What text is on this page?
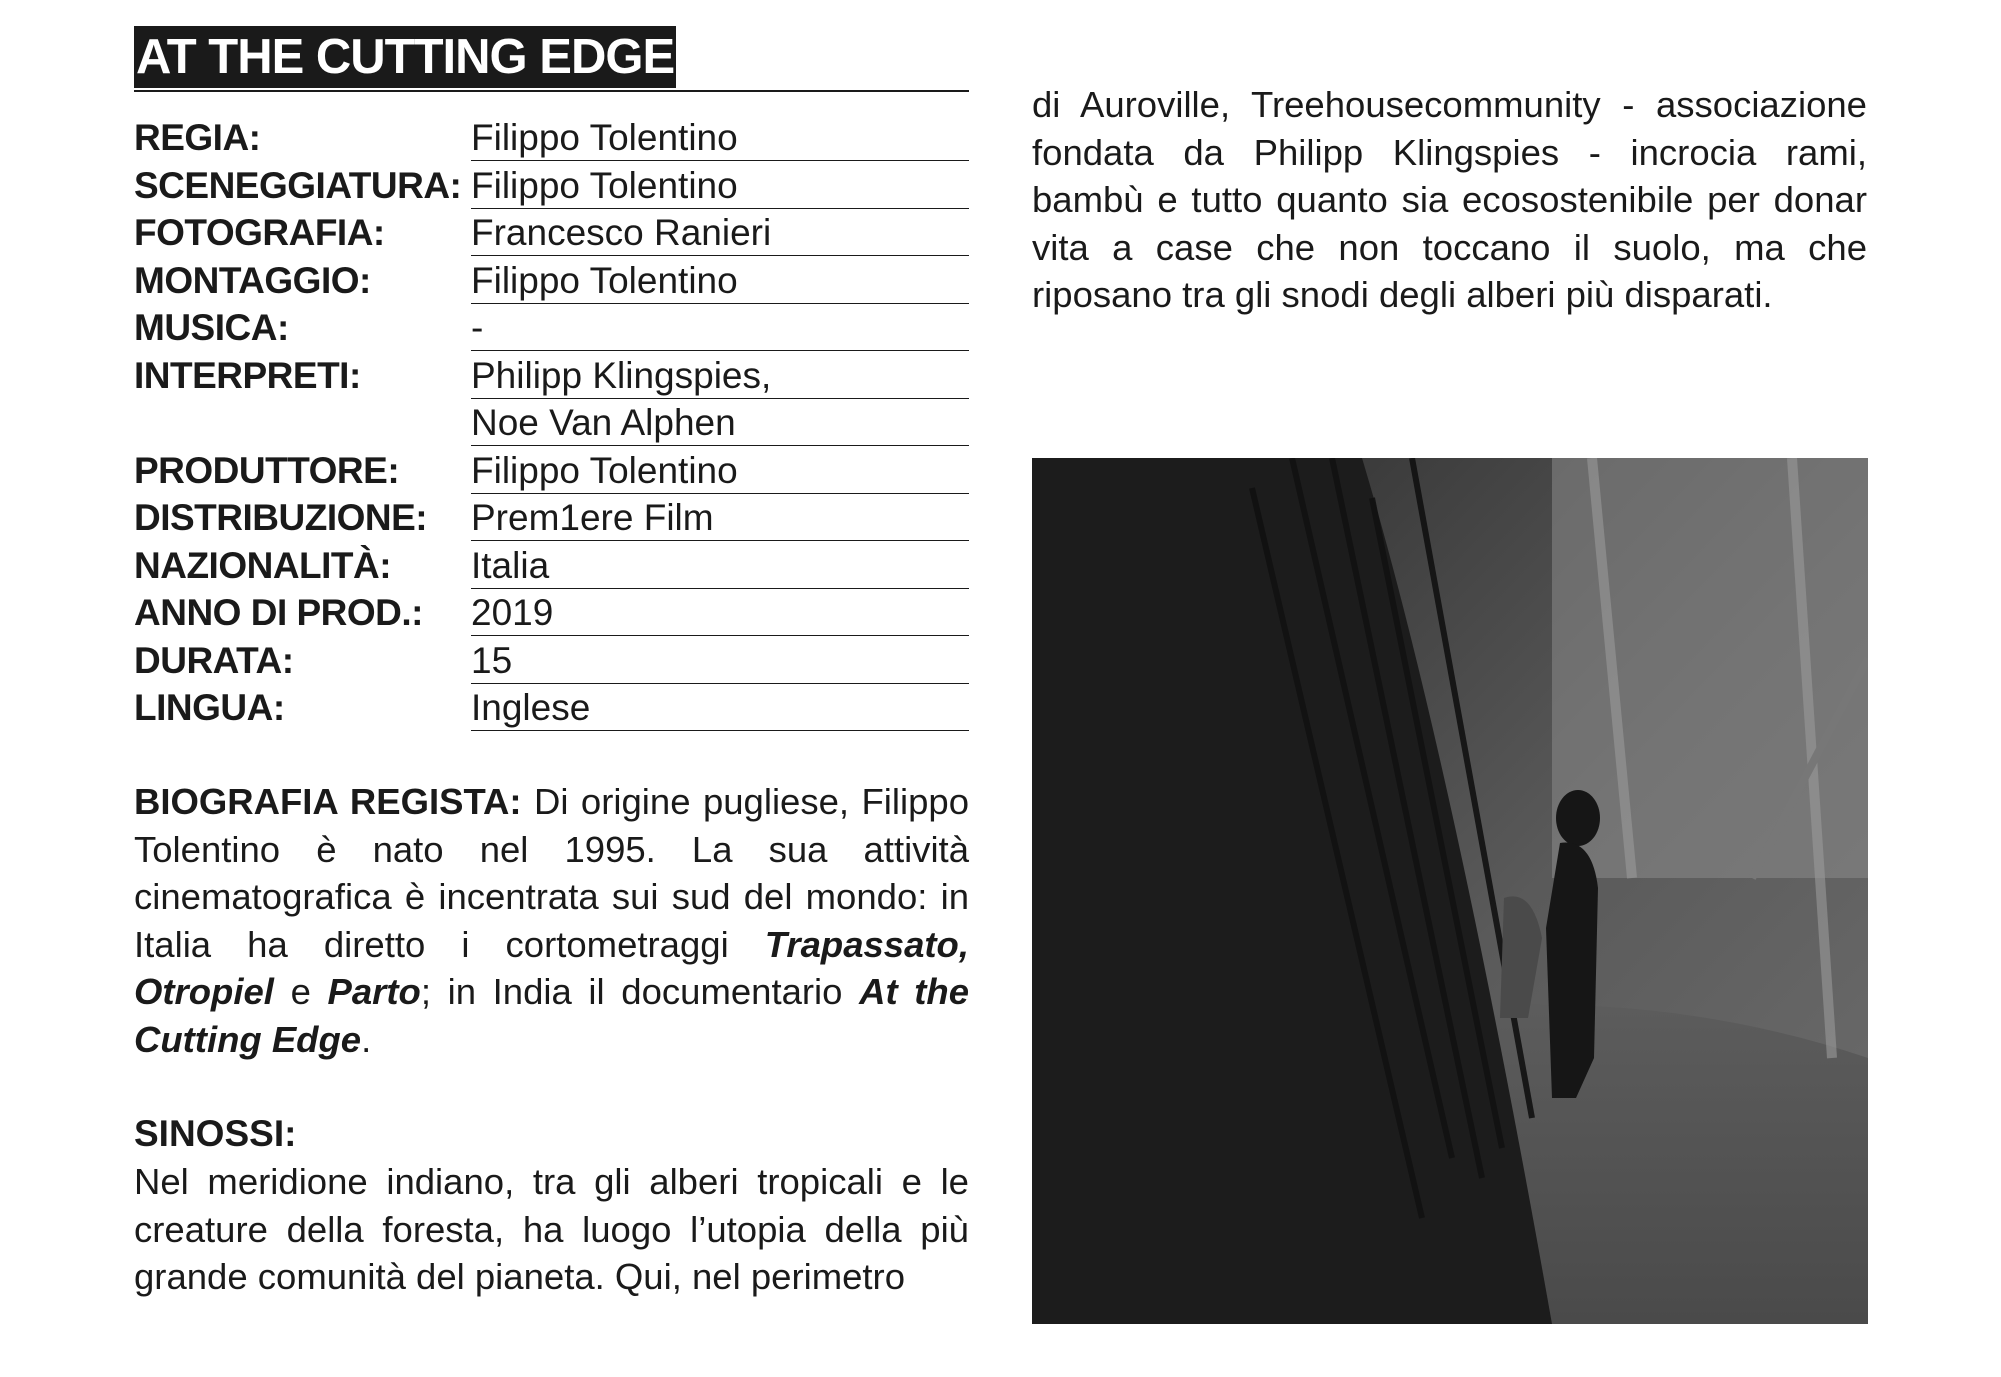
AT THE CUTTING EDGE
REGIA:	Filippo Tolentino
SCENEGGIATURA: Filippo Tolentino
FOTOGRAFIA: Francesco Ranieri
MONTAGGIO:	Filippo Tolentino
MUSICA:	-
INTERPRETI:	Philipp Klingspies,
Noe Van Alphen
PRODUTTORE: Filippo Tolentino
DISTRIBUZIONE: Prem1ere Film
NAZIONALITÀ: Italia
ANNO DI PROD.: 2019
DURATA:	15
LINGUA:	Inglese

BIOGRAFIA REGISTA: Di origine pugliese, Filippo Tolentino è nato nel 1995. La sua attività cinematografica è incentrata sui sud del mondo: in Italia ha diretto i cortometraggi Trapassato, Otropiel e Parto; in India il documentario At the Cutting Edge.

SINOSSI:

Nel meridione indiano, tra gli alberi tropicali e le creature della foresta, ha luogo l’utopia della più grande comunità del pianeta. Qui, nel perimetro

di Auroville, Treehousecommunity - associazione fondata da Philipp Klingspies - incrocia rami, bambù e tutto quanto sia ecosostenibile per donar vita a case che non toccano il suolo, ma che riposano tra gli snodi degli alberi più disparati.
